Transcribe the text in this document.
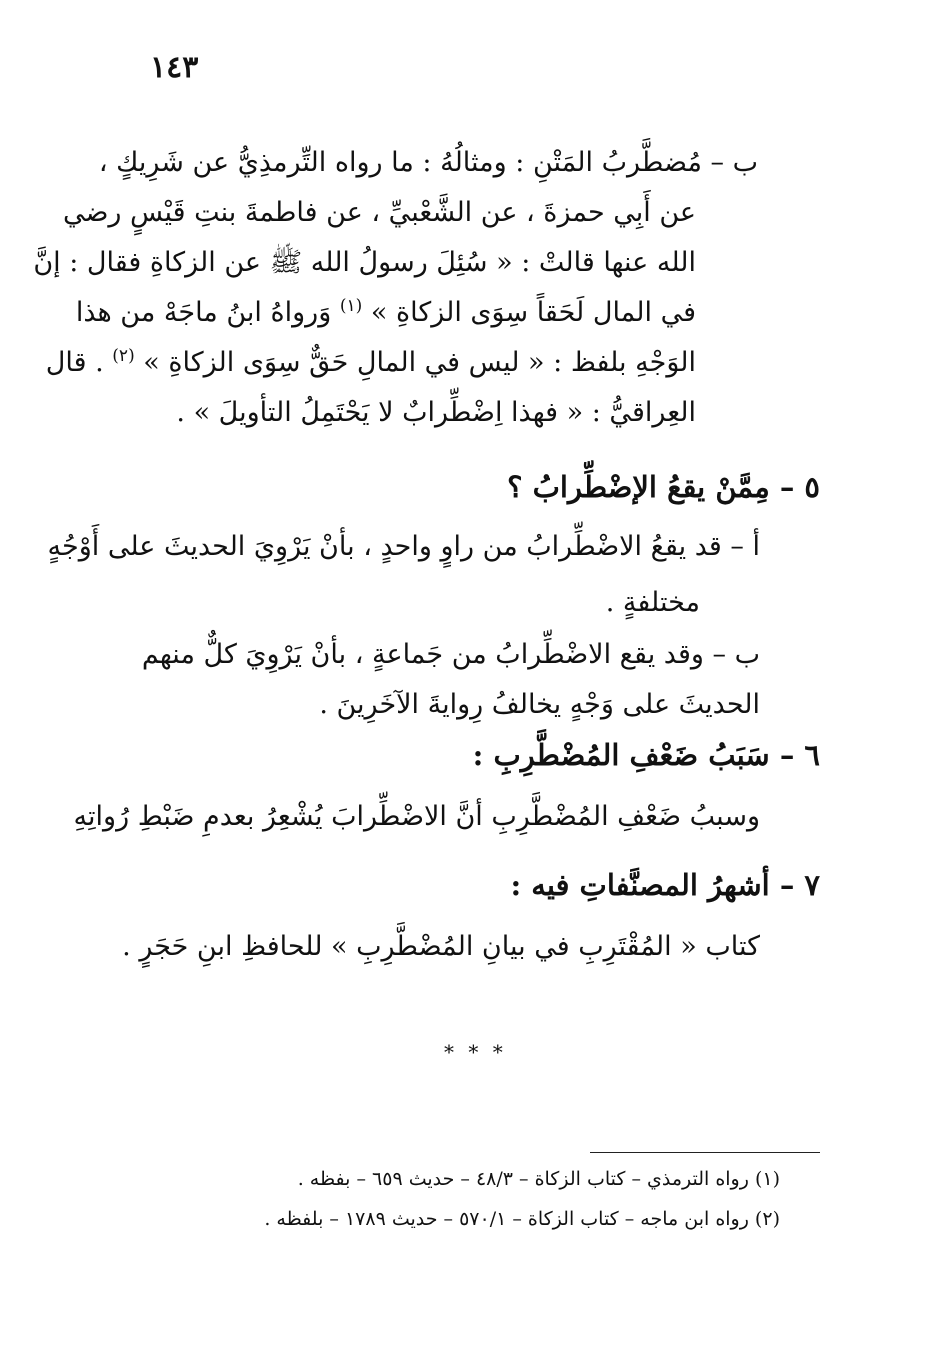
١٤٣
ب – مُضطَّربُ المَتْنِ : ومثالُهُ : ما رواه التِّرمذِيُّ عن شَرِيكٍ ،
عن أَبِي حمزةَ ، عن الشَّعْبيِّ ، عن فاطمةَ بنتِ قَيْسٍ رضي
الله عنها قالتْ : « سُئِلَ رسولُ الله ﷺ عن الزكاةِ فقال : إنَّ
في المال لَحَقاً سِوَى الزكاةِ » $^{(١)}$ وَرواهُ ابنُ ماجَهْ من هذا
الوَجْهِ بلفظ : « ليس في المالِ حَقٌّ سِوَى الزكاةِ » $^{(٢)}$ . قال
العِراقيُّ : « فهذا اِضْطِّرابٌ لا يَحْتَمِلُ التأويلَ » .
٥ – مِمَّنْ يقعُ الإضْطِّرابُ ؟
أ – قد يقعُ الاضْطِّرابُ من راوٍ واحدٍ ، بأنْ يَرْوِيَ الحديثَ على أَوْجُهٍ
مختلفةٍ .
ب – وقد يقع الاضْطِّرابُ من جَماعةٍ ، بأنْ يَرْوِيَ كلٌّ منهم
الحديثَ على وَجْهٍ يخالفُ رِوايةَ الآخَرِينَ .
٦ – سَبَبُ ضَعْفِ المُضْطَّرِبِ :
وسببُ ضَعْفِ المُضْطَّرِبِ أنَّ الاضْطِّرابَ يُشْعِرُ بعدمِ ضَبْطِ رُواتِهِ
٧ – أشهرُ المصنَّفاتِ فيه :
كتاب « المُقْتَرِبِ في بيانِ المُضْطَّرِبِ » للحافظِ ابنِ حَجَرٍ .
* * *
(١) رواه الترمذي – كتاب الزكاة – ٤٨/٣ – حديث ٦٥٩ – بفظه .
(٢) رواه ابن ماجه – كتاب الزكاة – ٥٧٠/١ – حديث ١٧٨٩ – بلفظه .
